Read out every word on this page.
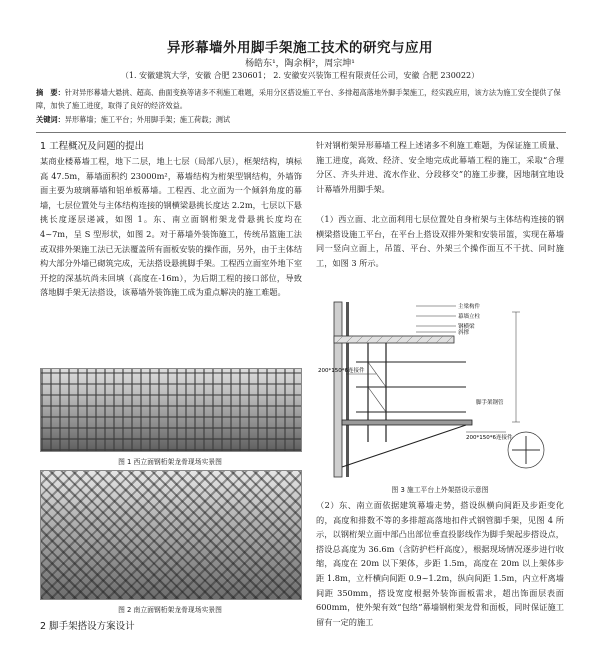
异形幕墙外用脚手架施工技术的研究与应用
杨皓东¹，陶余桐²，周宗坤¹
（1. 安徽建筑大学，安徽 合肥 230601； 2. 安徽安兴装饰工程有限责任公司，安徽 合肥 230022）
摘　要：针对异形幕墙大悬挑、超高、曲面变换等诸多不利施工难题，采用分区搭设施工平台、多排超高落地外脚手架施工，经实践应用，该方法为施工安全提供了保障，加快了施工进度，取得了良好的经济效益。
关键词：异形幕墙；施工平台；外用脚手架；施工荷载；测试
1 工程概况及问题的提出
某商业楼幕墙工程，地下二层，地上七层（局部八层），框架结构，填标高 47.5m，幕墙面积约 23000m²，幕墙结构为桁架型钢结构，外墙饰面主要为玻璃幕墙和铝单板幕墙。工程西、北立面为一个倾斜角度的幕墙，七层位置处与主体结构连接的钢横梁悬挑长度达 2.2m，七层以下悬挑长度逐层递减，如图 1。东、南立面钢桁架龙骨悬挑长度均在 4~7m，呈 S 型形状，如图 2。对于幕墙外装饰施工，传统吊篮施工法或双排外架施工法已无法覆盖所有面板安装的操作面，另外，由于主体结构大部分外墙已砌筑完成，无法搭设悬挑脚手架。工程西立面室外地下室开挖的深基坑尚未回填（高度在-16m），为后期工程的接口部位，导致落地脚手架无法搭设，该幕墙外装饰施工成为重点解决的施工难题。
图 1 西立面钢桁架龙骨现场实景图
图 2 南立面钢桁架龙骨现场实景图
2 脚手架搭设方案设计
针对钢桁架异形幕墙工程上述诸多不利施工难题，为保证施工质量、施工进度，高效、经济、安全地完成此幕墙工程的施工，采取“合理分区、齐头并进、流水作业、分段移交”的施工步骤，因地制宜地设计幕墙外用脚手架。
（1）西立面、北立面利用七层位置处自身桁架与主体结构连接的钢横梁搭设施工平台，在平台上搭设双排外架和安装吊篮，实现在幕墙同一竖向立面上，吊篮、平台、外架三个操作面互不干扰、同时施工，如图 3 所示。
主梁构件
幕墙立柱
钢横梁
斜撑
200*150*6连接件
200*150*6连接件
脚手架钢管
图 3 施工平台上外架搭设示意图
（2）东、南立面依据建筑幕墙走势，搭设纵横向间距及步距变化的，高度和排数不等的多排超高落地扣件式钢管脚手架，见图 4 所示，以钢桁架立面中部凸出部位垂直投影线作为脚手架起步搭设点，搭设总高度为 36.6m（含防护栏杆高度），根据现场情况逐步进行收缩，高度在 20m 以下架体，步距 1.5m，高度在 20m 以上架体步距 1.8m，立杆横向间距 0.9~1.2m，纵向间距 1.5m，内立杆离墙间距 350mm，搭设宽度根据外装饰面板需求，超出饰面层表面 600mm，使外架有效“包络”幕墙钢桁架龙骨和面板，同时保证施工留有一定的施工
